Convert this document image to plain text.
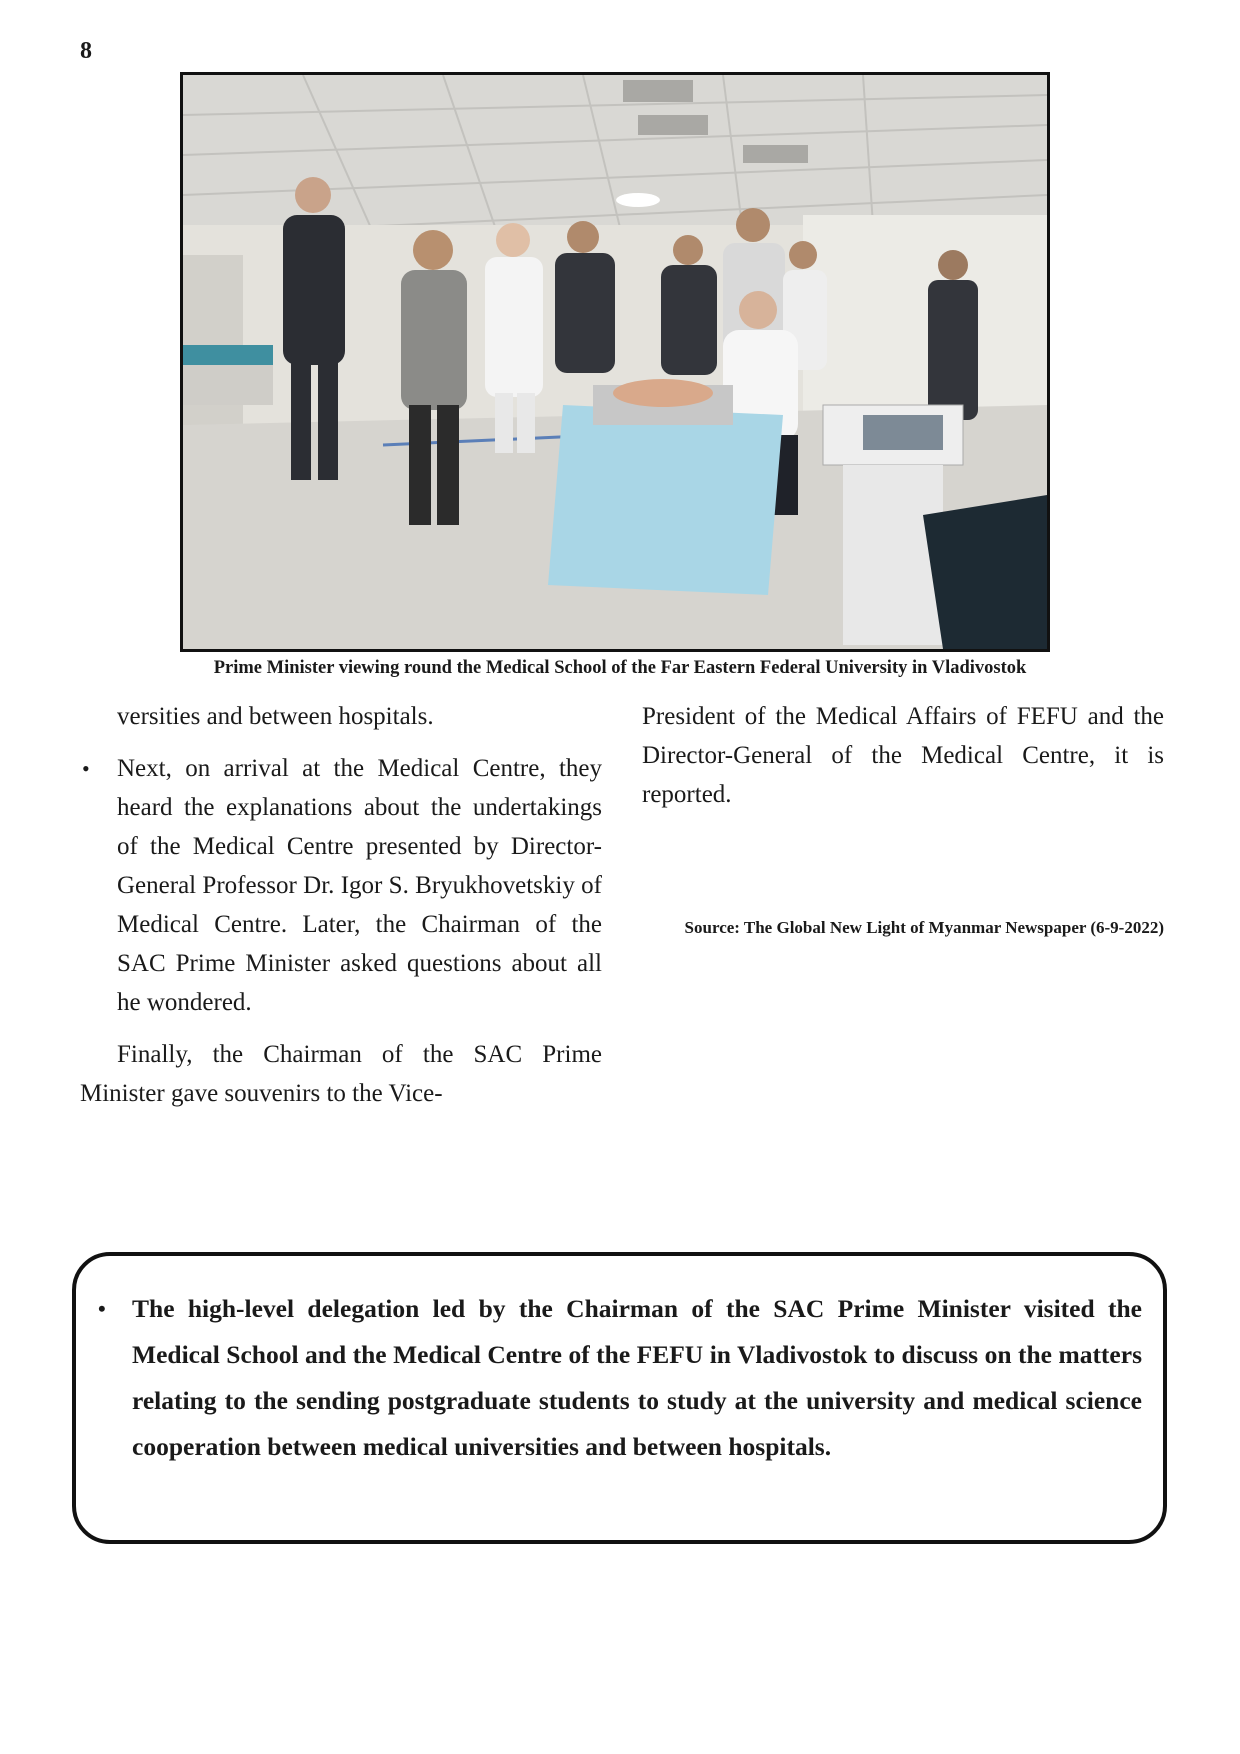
8
Prime Minister viewing round the Medical School of the Far Eastern Federal University in Vladivostok

versities and between hospitals.

• Next, on arrival at the Medical Centre, they heard the explanations about the undertakings of the Medical Centre presented by Director-General Professor Dr. Igor S. Bryukhovetskiy of Medical Centre. Later, the Chairman of the SAC Prime Minister asked questions about all he wondered.

Finally, the Chairman of the SAC Prime Minister gave souvenirs to the Vice-

President of the Medical Affairs of FEFU and the Director-General of the Medical Centre, it is reported.

Source: The Global New Light of Myanmar Newspaper (6-9-2022)
• The high-level delegation led by the Chairman of the SAC Prime Minister visited the Medical School and the Medical Centre of the FEFU in Vladivostok to discuss on the matters relating to the sending postgraduate students to study at the university and medical science cooperation between medical universities and between hospitals.
